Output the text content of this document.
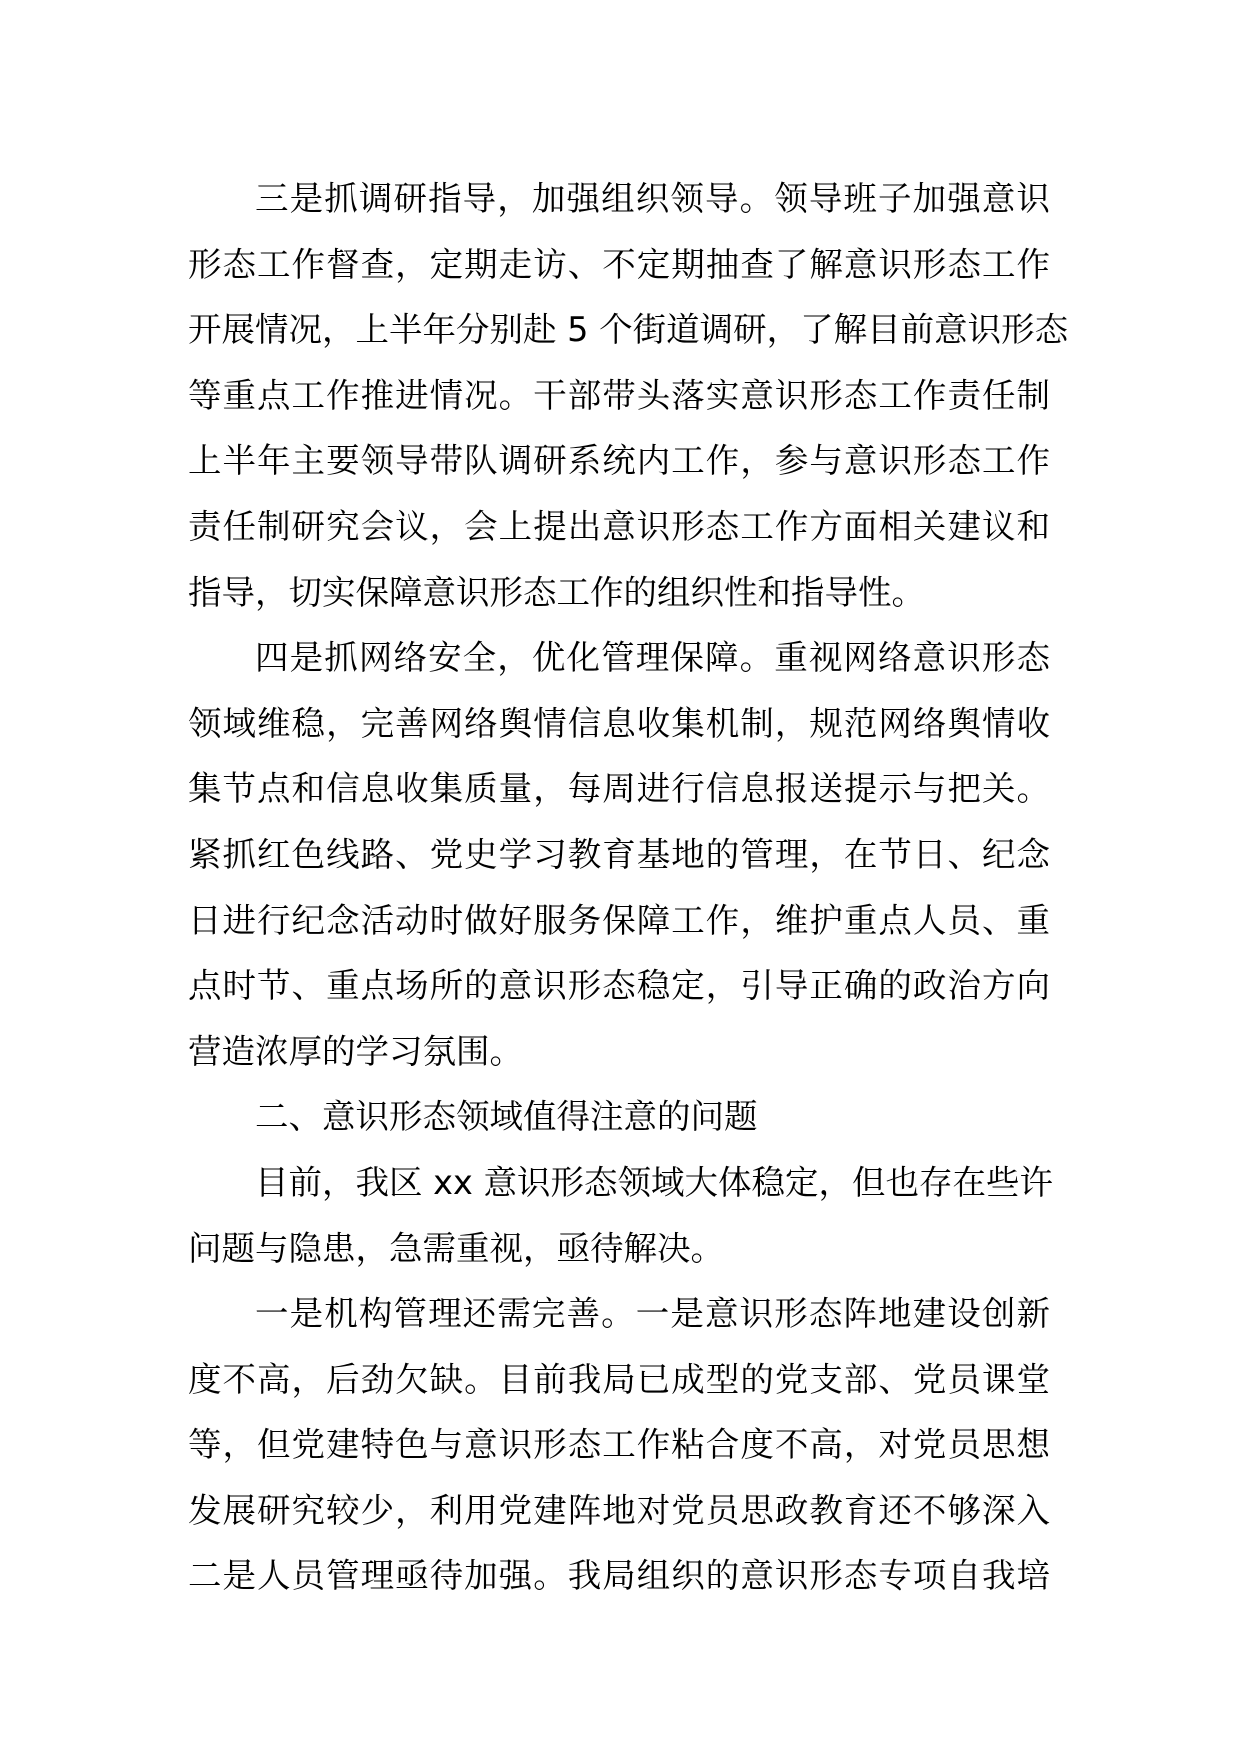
三是抓调研指导，加强组织领导。领导班子加强意识
形态工作督查，定期走访、不定期抽查了解意识形态工作
开展情况，上半年分别赴 5 个街道调研，了解目前意识形态
等重点工作推进情况。干部带头落实意识形态工作责任制
上半年主要领导带队调研系统内工作，参与意识形态工作
责任制研究会议，会上提出意识形态工作方面相关建议和
指导，切实保障意识形态工作的组织性和指导性。
四是抓网络安全，优化管理保障。重视网络意识形态
领域维稳，完善网络舆情信息收集机制，规范网络舆情收
集节点和信息收集质量，每周进行信息报送提示与把关。
紧抓红色线路、党史学习教育基地的管理，在节日、纪念
日进行纪念活动时做好服务保障工作，维护重点人员、重
点时节、重点场所的意识形态稳定，引导正确的政治方向
营造浓厚的学习氛围。
二、意识形态领域值得注意的问题
目前，我区 xx 意识形态领域大体稳定，但也存在些许
问题与隐患，急需重视，亟待解决。
一是机构管理还需完善。一是意识形态阵地建设创新
度不高，后劲欠缺。目前我局已成型的党支部、党员课堂
等，但党建特色与意识形态工作粘合度不高，对党员思想
发展研究较少，利用党建阵地对党员思政教育还不够深入
二是人员管理亟待加强。我局组织的意识形态专项自我培
